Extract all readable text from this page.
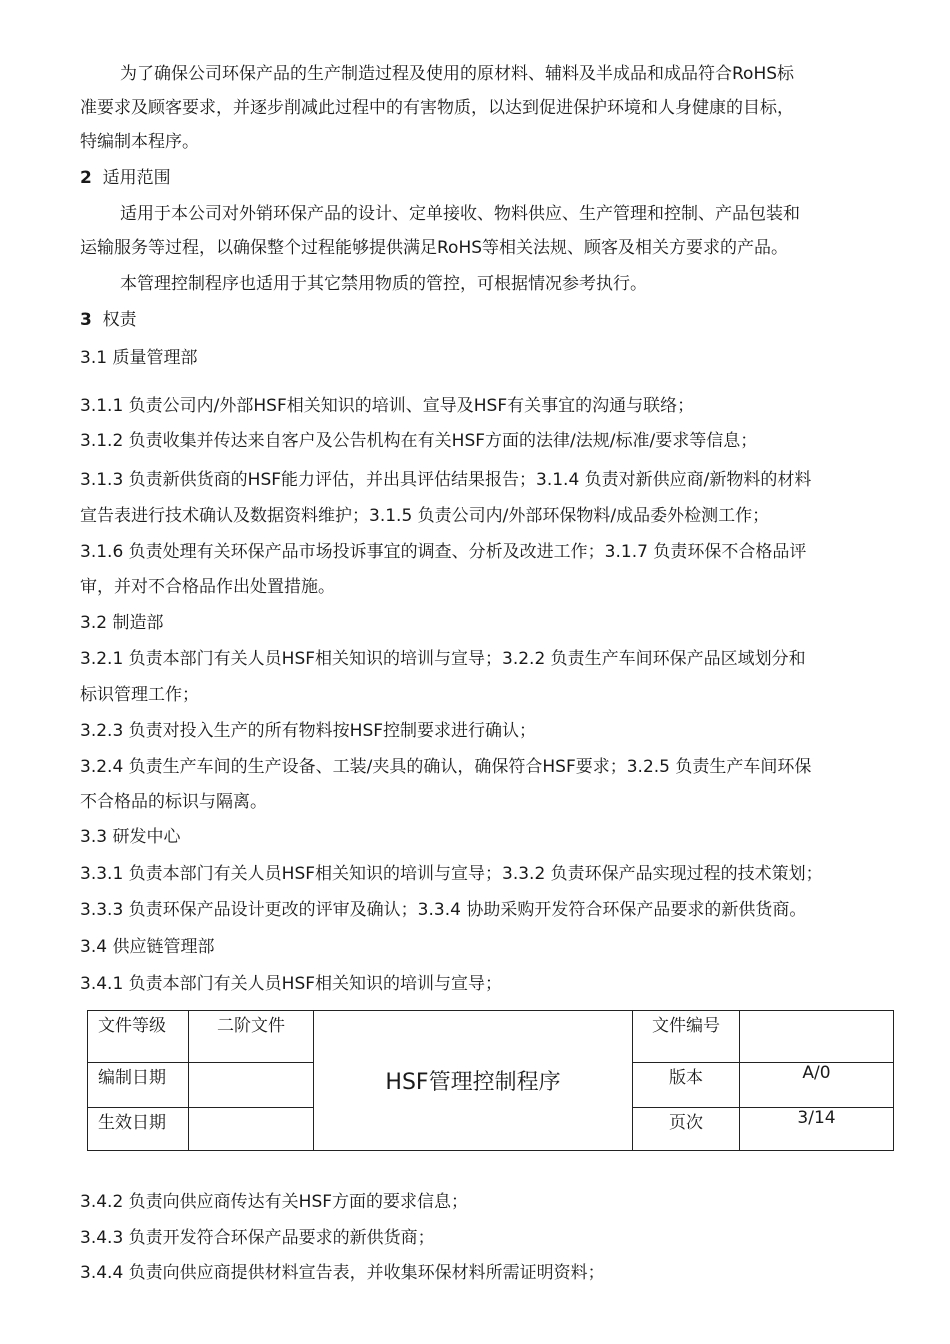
为了确保公司环保产品的生产制造过程及使用的原材料、辅料及半成品和成品符合RoHS标
准要求及顾客要求，并逐步削减此过程中的有害物质，以达到促进保护环境和人身健康的目标，
特编制本程序。
2 适用范围
适用于本公司对外销环保产品的设计、定单接收、物料供应、生产管理和控制、产品包装和
运输服务等过程，以确保整个过程能够提供满足RoHS等相关法规、顾客及相关方要求的产品。
本管理控制程序也适用于其它禁用物质的管控，可根据情况参考执行。
3 权责
3.1 质量管理部
3.1.1 负责公司内/外部HSF相关知识的培训、宣导及HSF有关事宜的沟通与联络；
3.1.2 负责收集并传达来自客户及公告机构在有关HSF方面的法律/法规/标准/要求等信息；
3.1.3 负责新供货商的HSF能力评估，并出具评估结果报告；3.1.4 负责对新供应商/新物料的材料
宣告表进行技术确认及数据资料维护；3.1.5 负责公司内/外部环保物料/成品委外检测工作；
3.1.6 负责处理有关环保产品市场投诉事宜的调查、分析及改进工作；3.1.7 负责环保不合格品评
审，并对不合格品作出处置措施。
3.2 制造部
3.2.1 负责本部门有关人员HSF相关知识的培训与宣导；3.2.2 负责生产车间环保产品区域划分和
标识管理工作；
3.2.3 负责对投入生产的所有物料按HSF控制要求进行确认；
3.2.4 负责生产车间的生产设备、工装/夹具的确认，确保符合HSF要求；3.2.5 负责生产车间环保
不合格品的标识与隔离。
3.3 研发中心
3.3.1 负责本部门有关人员HSF相关知识的培训与宣导；3.3.2 负责环保产品实现过程的技术策划；
3.3.3 负责环保产品设计更改的评审及确认；3.3.4 协助采购开发符合环保产品要求的新供货商。
3.4 供应链管理部
3.4.1 负责本部门有关人员HSF相关知识的培训与宣导；
文件等级	二阶文件	HSF管理控制程序	文件编号	
编制日期			版本	A/0
生效日期			页次	3/14
3.4.2 负责向供应商传达有关HSF方面的要求信息；
3.4.3 负责开发符合环保产品要求的新供货商；
3.4.4 负责向供应商提供材料宣告表，并收集环保材料所需证明资料；
